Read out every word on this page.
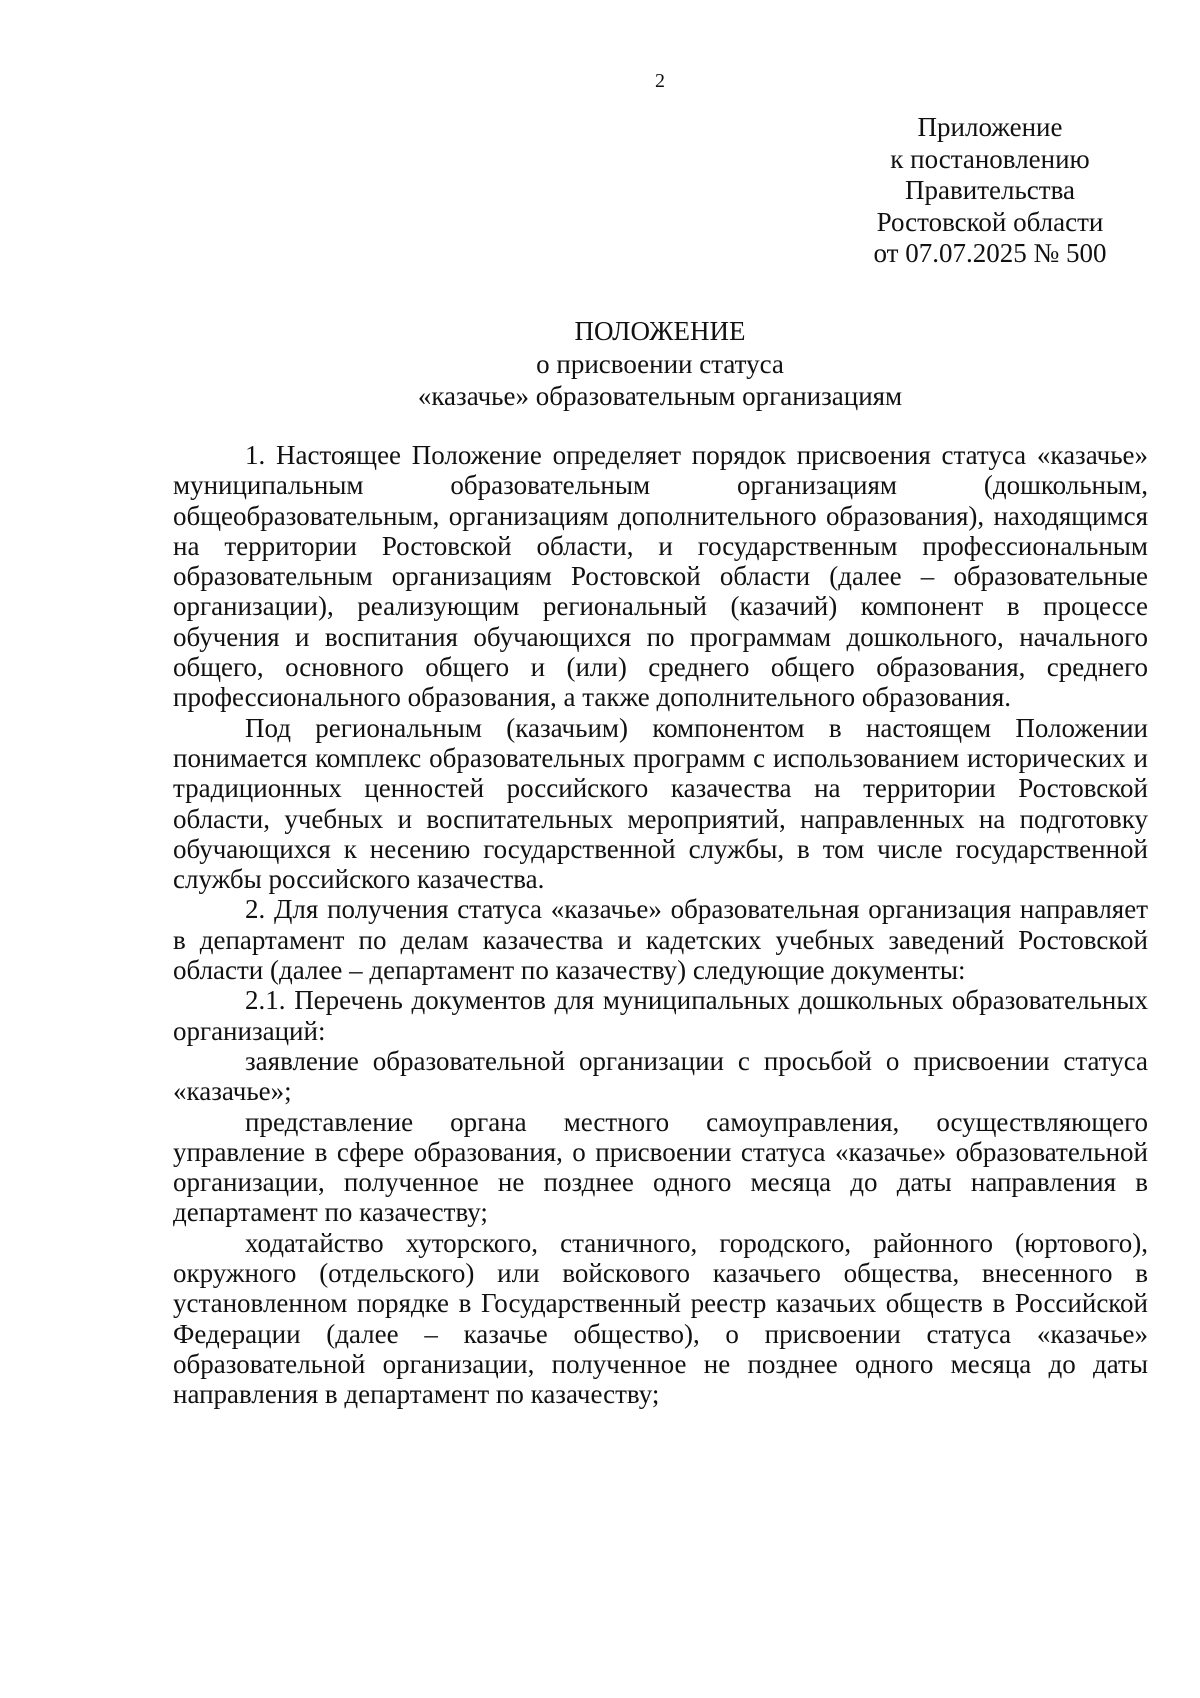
2
Приложение
к постановлению
Правительства
Ростовской области
от 07.07.2025 № 500
ПОЛОЖЕНИЕ
о присвоении статуса
«казачье» образовательным организациям

1. Настоящее Положение определяет порядок присвоения статуса «казачье» муниципальным образовательным организациям (дошкольным, общеобразовательным, организациям дополнительного образования), находящимся на территории Ростовской области, и государственным профессиональным образовательным организациям Ростовской области (далее – образовательные организации), реализующим региональный (казачий) компонент в процессе обучения и воспитания обучающихся по программам дошкольного, начального общего, основного общего и (или) среднего общего образования, среднего профессионального образования, а также дополнительного образования.

Под региональным (казачьим) компонентом в настоящем Положении понимается комплекс образовательных программ с использованием исторических и традиционных ценностей российского казачества на территории Ростовской области, учебных и воспитательных мероприятий, направленных на подготовку обучающихся к несению государственной службы, в том числе государственной службы российского казачества.

2. Для получения статуса «казачье» образовательная организация направляет в департамент по делам казачества и кадетских учебных заведений Ростовской области (далее – департамент по казачеству) следующие документы:

2.1. Перечень документов для муниципальных дошкольных образовательных организаций:

заявление образовательной организации с просьбой о присвоении статуса «казачье»;

представление органа местного самоуправления, осуществляющего управление в сфере образования, о присвоении статуса «казачье» образовательной организации, полученное не позднее одного месяца до даты направления в департамент по казачеству;

ходатайство хуторского, станичного, городского, районного (юртового), окружного (отдельского) или войскового казачьего общества, внесенного в установленном порядке в Государственный реестр казачьих обществ в Российской Федерации (далее – казачье общество), о присвоении статуса «казачье» образовательной организации, полученное не позднее одного месяца до даты направления в департамент по казачеству;
